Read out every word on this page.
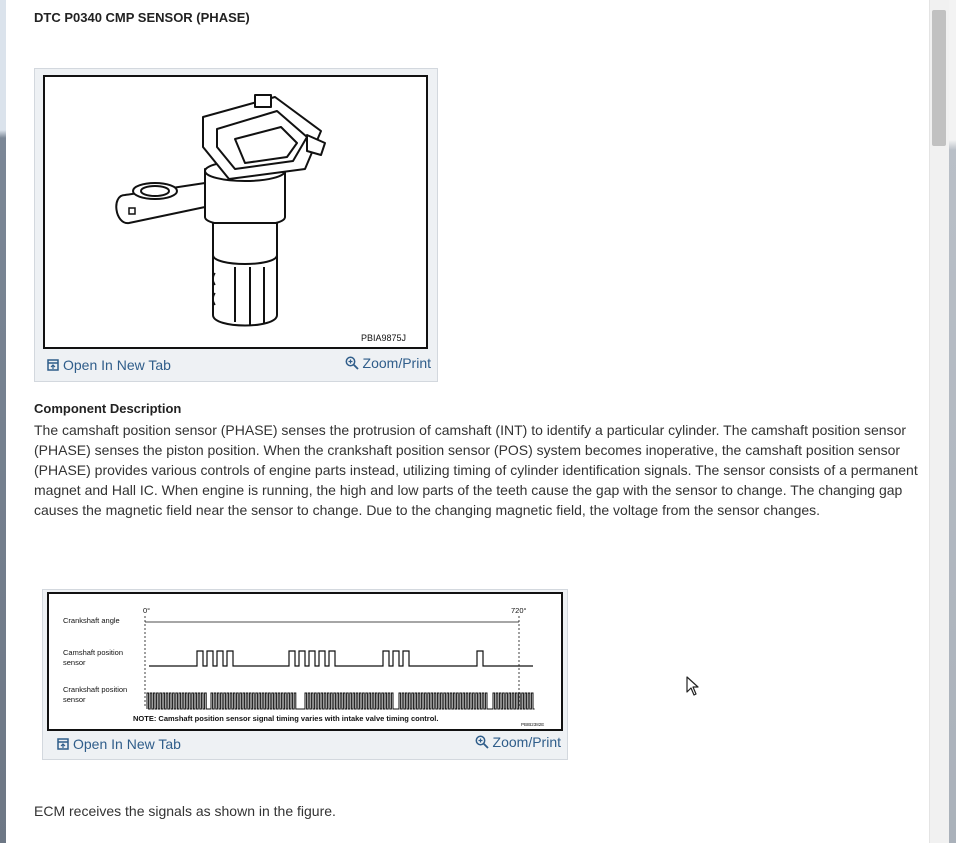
DTC P0340 CMP SENSOR (PHASE)
PBIA9875J
Open In New Tab	Zoom/Print
Component Description
The camshaft position sensor (PHASE) senses the protrusion of camshaft (INT) to identify a particular cylinder. The camshaft position sensor (PHASE) senses the piston position. When the crankshaft position sensor (POS) system becomes inoperative, the camshaft position sensor (PHASE) provides various controls of engine parts instead, utilizing timing of cylinder identification signals. The sensor consists of a permanent magnet and Hall IC. When engine is running, the high and low parts of the teeth cause the gap with the sensor to change. The changing gap causes the magnetic field near the sensor to change. Due to the changing magnetic field, the voltage from the sensor changes.
Crankshaft angle
Camshaft position
sensor
Crankshaft position
sensor
0°	720°
NOTE: Camshaft position sensor signal timing varies with intake valve timing control.
PBIB2382E
Open In New Tab	Zoom/Print
ECM receives the signals as shown in the figure.
